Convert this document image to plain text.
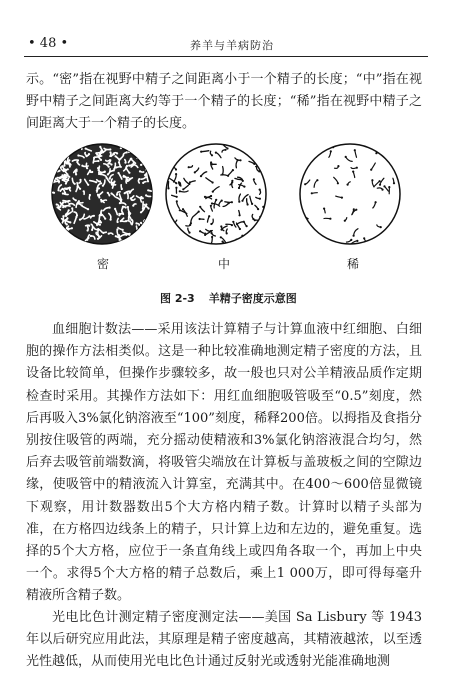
• 48 •	养羊与羊病防治

示。“密”指在视野中精子之间距离小于一个精子的长度；“中”指在视野中精子之间距离大约等于一个精子的长度；“稀”指在视野中精子之间距离大于一个精子的长度。

密	中	稀
图 2-3 羊精子密度示意图

血细胞计数法——采用该法计算精子与计算血液中红细胞、白细胞的操作方法相类似。这是一种比较准确地测定精子密度的方法，且设备比较简单，但操作步骤较多，故一般也只对公羊精液品质作定期检查时采用。其操作方法如下：用红血细胞吸管吸至“0.5”刻度，然后再吸入3%氯化钠溶液至“100”刻度，稀释200倍。以拇指及食指分别按住吸管的两端，充分摇动使精液和3%氯化钠溶液混合均匀，然后弃去吸管前端数滴，将吸管尖端放在计算板与盖玻板之间的空隙边缘，使吸管中的精液流入计算室，充满其中。在400～600倍显微镜下观察，用计数器数出5个大方格内精子数。计算时以精子头部为准，在方格四边线条上的精子，只计算上边和左边的，避免重复。选择的5个大方格，应位于一条直角线上或四角各取一个，再加上中央一个。求得5个大方格的精子总数后，乘上1 000万，即可得每毫升精液所含精子数。

光电比色计测定精子密度测定法——美国 Sa Lisbury 等 1943 年以后研究应用此法，其原理是精子密度越高，其精液越浓，以至透光性越低，从而使用光电比色计通过反射光或透射光能准确地测
